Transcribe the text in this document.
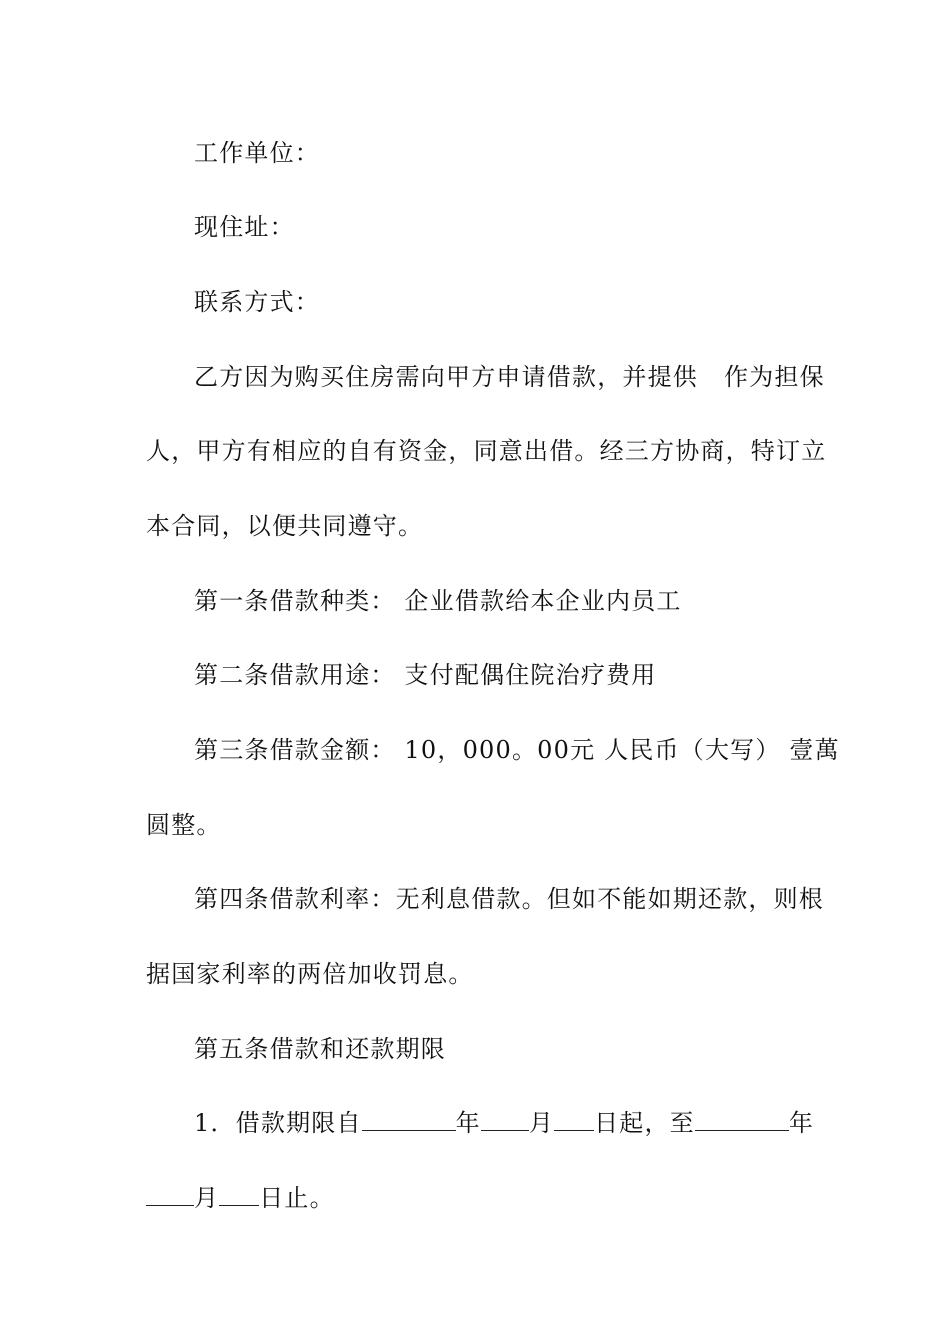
工作单位：
现住址：
联系方式：
乙方因为购买住房需向甲方申请借款，并提供 作为担保
人，甲方有相应的自有资金，同意出借。经三方协商，特订立
本合同，以便共同遵守。
第一条借款种类： 企业借款给本企业内员工
第二条借款用途： 支付配偶住院治疗费用
第三条借款金额： 10，000。00元 人民币（大写） 壹萬
圆整。
第四条借款利率：无利息借款。但如不能如期还款，则根
据国家利率的两倍加收罚息。
第五条借款和还款期限
1．借款期限自	年 月 日起，至	年
月 日止。
